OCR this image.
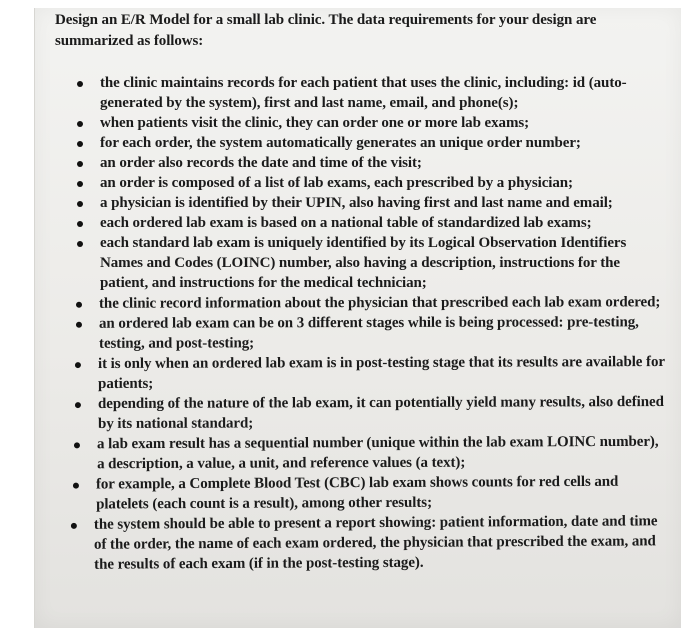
Design an E/R Model for a small lab clinic. The data requirements for your design are summarized as follows:

the clinic maintains records for each patient that uses the clinic, including: id (auto-generated by the system), first and last name, email, and phone(s);
when patients visit the clinic, they can order one or more lab exams;
for each order, the system automatically generates an unique order number;
an order also records the date and time of the visit;
an order is composed of a list of lab exams, each prescribed by a physician;
a physician is identified by their UPIN, also having first and last name and email;
each ordered lab exam is based on a national table of standardized lab exams;
each standard lab exam is uniquely identified by its Logical Observation Identifiers Names and Codes (LOINC) number, also having a description, instructions for the patient, and instructions for the medical technician;
the clinic record information about the physician that prescribed each lab exam ordered;
an ordered lab exam can be on 3 different stages while is being processed: pre-testing, testing, and post-testing;
it is only when an ordered lab exam is in post-testing stage that its results are available for patients;
depending of the nature of the lab exam, it can potentially yield many results, also defined by its national standard;
a lab exam result has a sequential number (unique within the lab exam LOINC number), a description, a value, a unit, and reference values (a text);
for example, a Complete Blood Test (CBC) lab exam shows counts for red cells and platelets (each count is a result), among other results;
the system should be able to present a report showing: patient information, date and time of the order, the name of each exam ordered, the physician that prescribed the exam, and the results of each exam (if in the post-testing stage).
